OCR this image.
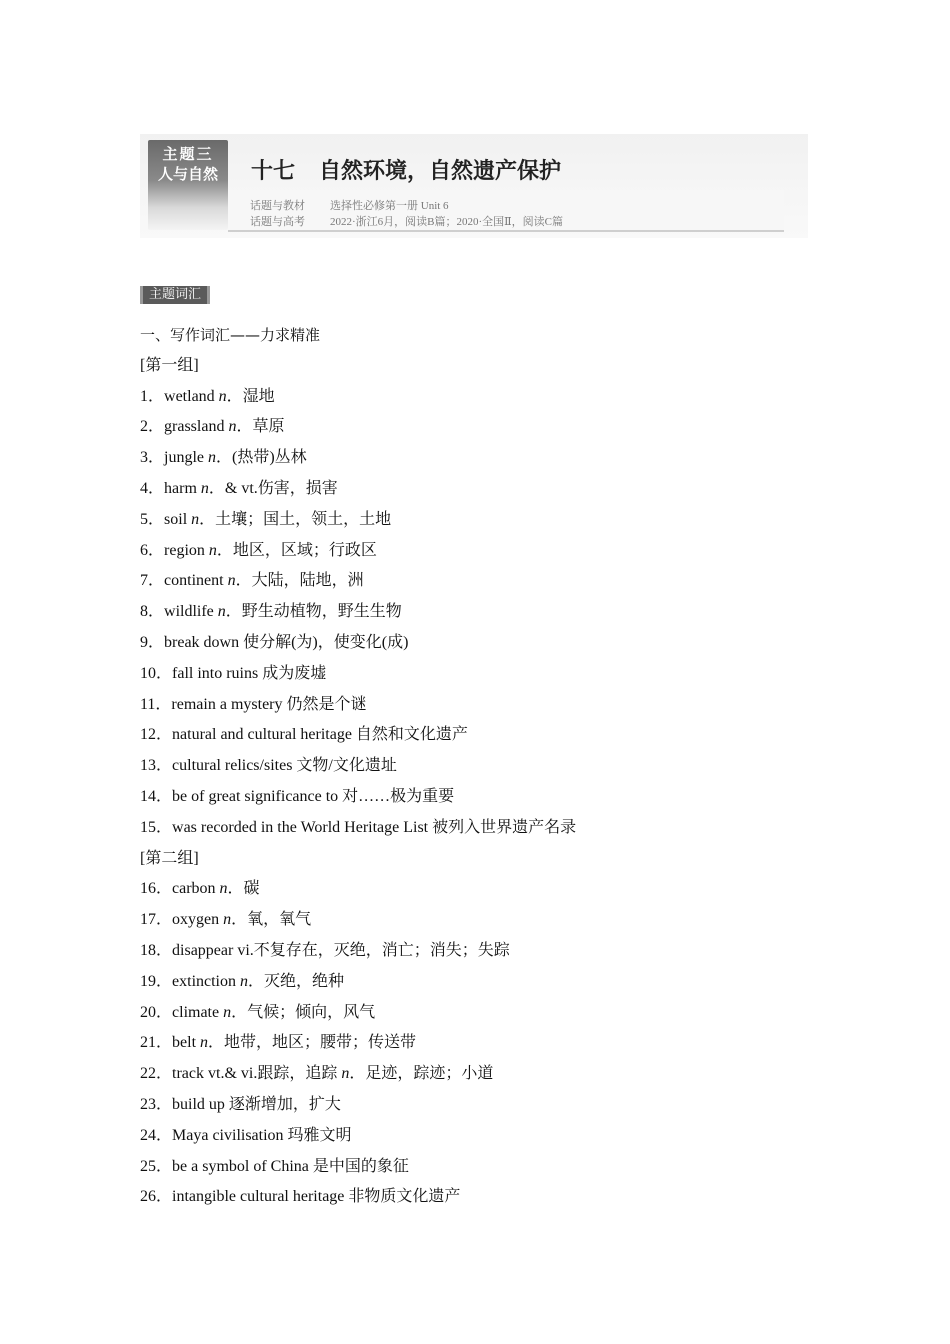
主题三
人与自然	十七 自然环境，自然遗产保护
话题与教材 选择性必修第一册 Unit 6
话题与高考 2022·浙江6月，阅读B篇；2020·全国Ⅱ，阅读C篇
主题词汇
一、写作词汇——力求精准
[第一组]
1．wetland n．湿地
2．grassland n．草原
3．jungle n．(热带)丛林
4．harm n．& vt.伤害，损害
5．soil n．土壤；国土，领土，土地
6．region n．地区，区域；行政区
7．continent n．大陆，陆地，洲
8．wildlife n．野生动植物，野生生物
9．break down 使分解(为)，使变化(成)
10．fall into ruins 成为废墟
11．remain a mystery 仍然是个谜
12．natural and cultural heritage 自然和文化遗产
13．cultural relics/sites 文物/文化遗址
14．be of great significance to 对……极为重要
15．was recorded in the World Heritage List 被列入世界遗产名录
[第二组]
16．carbon n．碳
17．oxygen n．氧，氧气
18．disappear vi.不复存在，灭绝，消亡；消失；失踪
19．extinction n．灭绝，绝种
20．climate n．气候；倾向，风气
21．belt n．地带，地区；腰带；传送带
22．track vt.& vi.跟踪，追踪 n．足迹，踪迹；小道
23．build up 逐渐增加，扩大
24．Maya civilisation 玛雅文明
25．be a symbol of China 是中国的象征
26．intangible cultural heritage 非物质文化遗产
